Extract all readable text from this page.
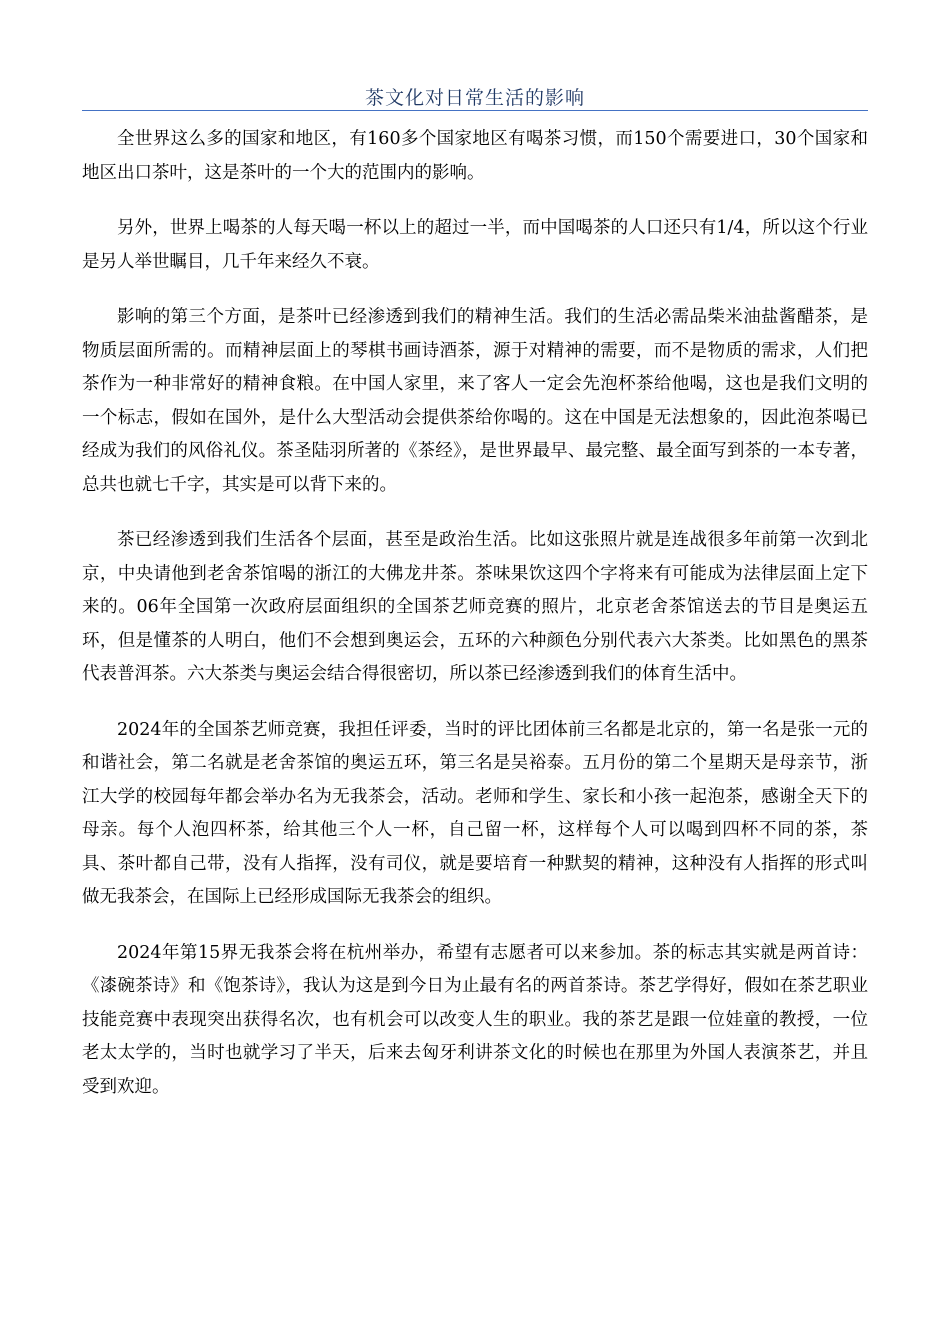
茶文化对日常生活的影响

全世界这么多的国家和地区，有160多个国家地区有喝茶习惯，而150个需要进口，30个国家和地区出口茶叶，这是茶叶的一个大的范围内的影响。

另外，世界上喝茶的人每天喝一杯以上的超过一半，而中国喝茶的人口还只有1/4，所以这个行业是另人举世瞩目，几千年来经久不衰。

影响的第三个方面，是茶叶已经渗透到我们的精神生活。我们的生活必需品柴米油盐酱醋茶，是物质层面所需的。而精神层面上的琴棋书画诗酒茶，源于对精神的需要，而不是物质的需求，人们把茶作为一种非常好的精神食粮。在中国人家里，来了客人一定会先泡杯茶给他喝，这也是我们文明的一个标志，假如在国外，是什么大型活动会提供茶给你喝的。这在中国是无法想象的，因此泡茶喝已经成为我们的风俗礼仪。茶圣陆羽所著的《茶经》，是世界最早、最完整、最全面写到茶的一本专著，总共也就七千字，其实是可以背下来的。

茶已经渗透到我们生活各个层面，甚至是政治生活。比如这张照片就是连战很多年前第一次到北京，中央请他到老舍茶馆喝的浙江的大佛龙井茶。茶味果饮这四个字将来有可能成为法律层面上定下来的。06年全国第一次政府层面组织的全国茶艺师竞赛的照片，北京老舍茶馆送去的节目是奥运五环，但是懂茶的人明白，他们不会想到奥运会，五环的六种颜色分别代表六大茶类。比如黑色的黑茶代表普洱茶。六大茶类与奥运会结合得很密切，所以茶已经渗透到我们的体育生活中。

2024年的全国茶艺师竞赛，我担任评委，当时的评比团体前三名都是北京的，第一名是张一元的和谐社会，第二名就是老舍茶馆的奥运五环，第三名是吴裕泰。五月份的第二个星期天是母亲节，浙江大学的校园每年都会举办名为无我茶会，活动。老师和学生、家长和小孩一起泡茶，感谢全天下的母亲。每个人泡四杯茶，给其他三个人一杯，自己留一杯，这样每个人可以喝到四杯不同的茶，茶具、茶叶都自己带，没有人指挥，没有司仪，就是要培育一种默契的精神，这种没有人指挥的形式叫做无我茶会，在国际上已经形成国际无我茶会的组织。

2024年第15界无我茶会将在杭州举办，希望有志愿者可以来参加。茶的标志其实就是两首诗：《漆碗茶诗》和《饱茶诗》，我认为这是到今日为止最有名的两首茶诗。茶艺学得好，假如在茶艺职业技能竞赛中表现突出获得名次，也有机会可以改变人生的职业。我的茶艺是跟一位娃童的教授，一位老太太学的，当时也就学习了半天，后来去匈牙利讲茶文化的时候也在那里为外国人表演茶艺，并且受到欢迎。
